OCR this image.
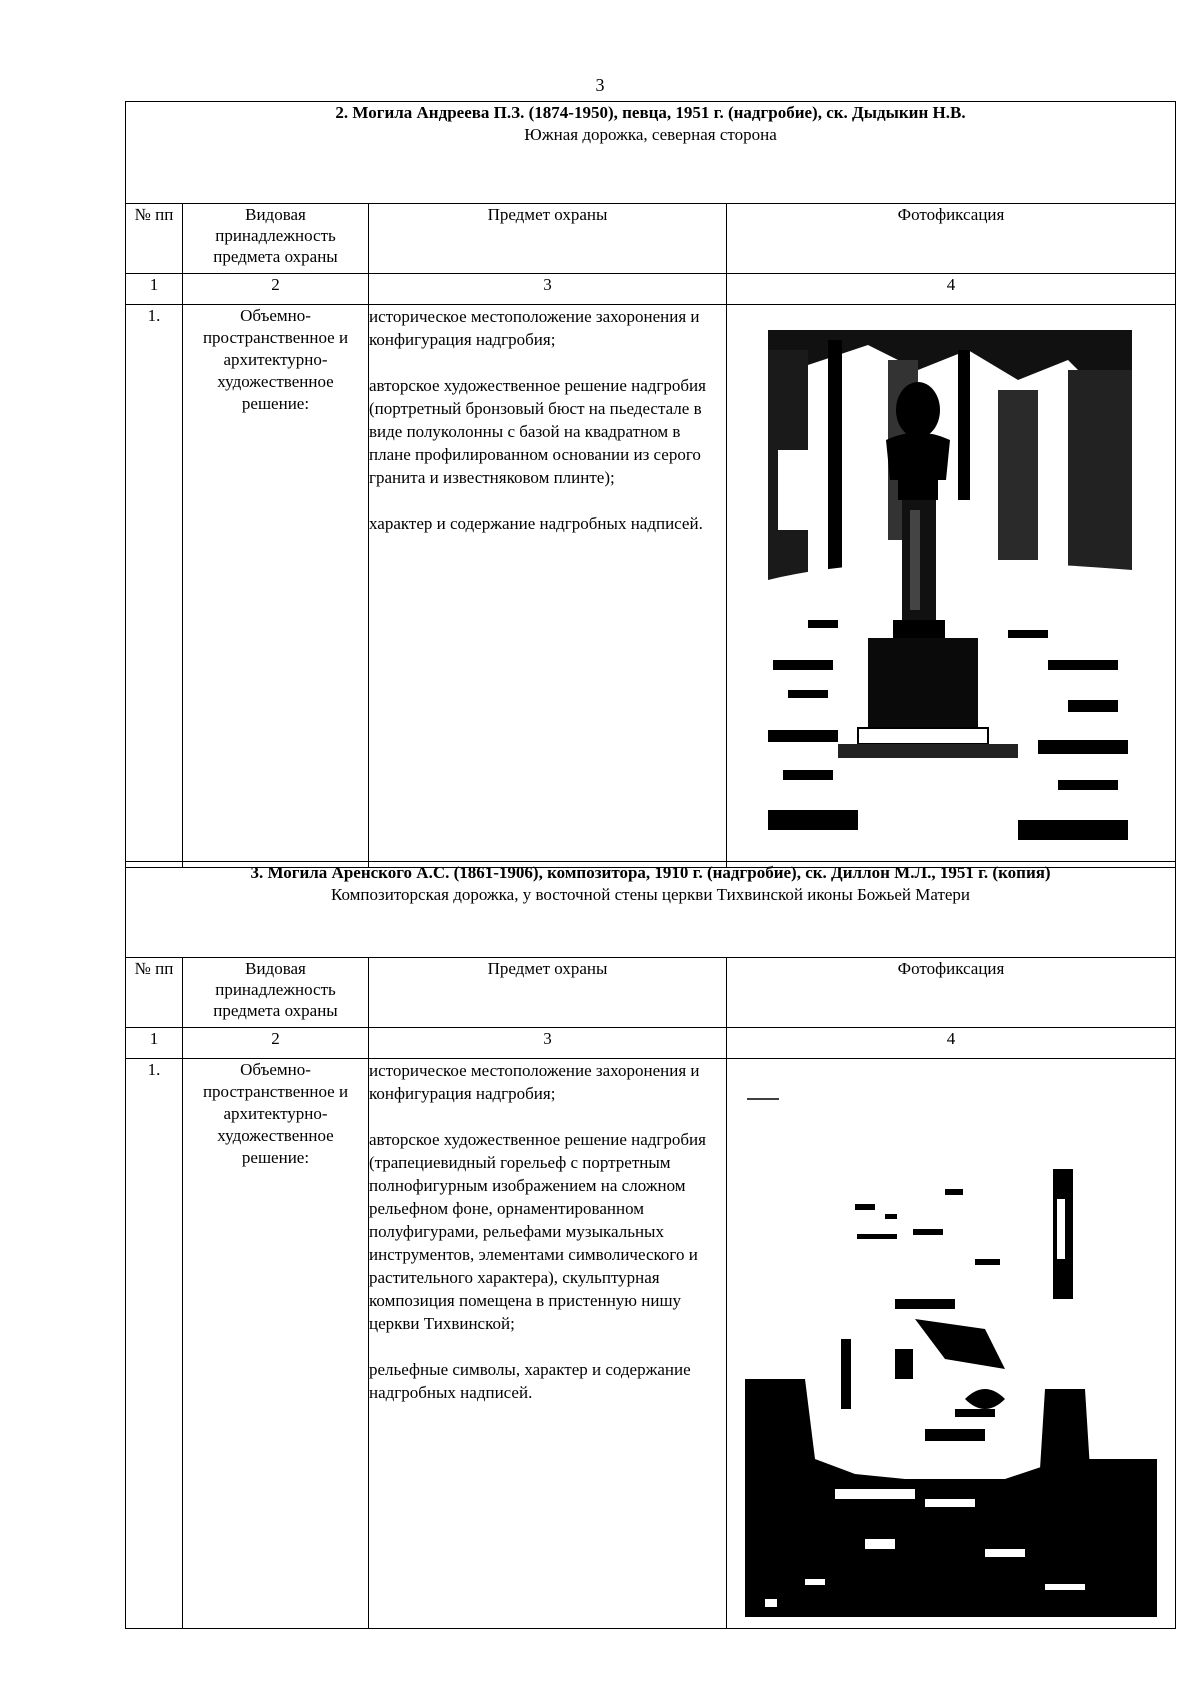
3
2. Могила Андреева П.З. (1874-1950), певца, 1951 г. (надгробие), ск. Дыдыкин Н.В.
Южная дорожка, северная сторона			

№ пп	Видовая принадлежность предмета охраны	Предмет охраны	Фотофиксация
1	2	3	4
1.	Объемно-пространственное и архитектурно-художественное решение:	историческое местоположение захоронения и конфигурация надгробия;

авторское художественное решение надгробия (портретный бронзовый бюст на пьедестале в виде полуколонны с базой на квадратном в плане профилированном основании из серого гранита и известняковом плинте);

характер и содержание надгробных надписей.

3. Могила Аренского А.С. (1861-1906), композитора, 1910 г. (надгробие), ск. Диллон М.Л., 1951 г. (копия)
Композиторская дорожка, у восточной стены церкви Тихвинской иконы Божьей Матери			

№ пп	Видовая принадлежность предмета охраны	Предмет охраны	Фотофиксация
1	2	3	4
1.	Объемно-пространственное и архитектурно-художественное решение:	историческое местоположение захоронения и конфигурация надгробия;

авторское художественное решение надгробия (трапециевидный горельеф с портретным полнофигурным изображением на сложном рельефном фоне, орнаментированном полуфигурами, рельефами музыкальных инструментов, элементами символического и растительного характера), скульптурная композиция помещена в пристенную нишу церкви Тихвинской;

рельефные символы, характер и содержание надгробных надписей.
